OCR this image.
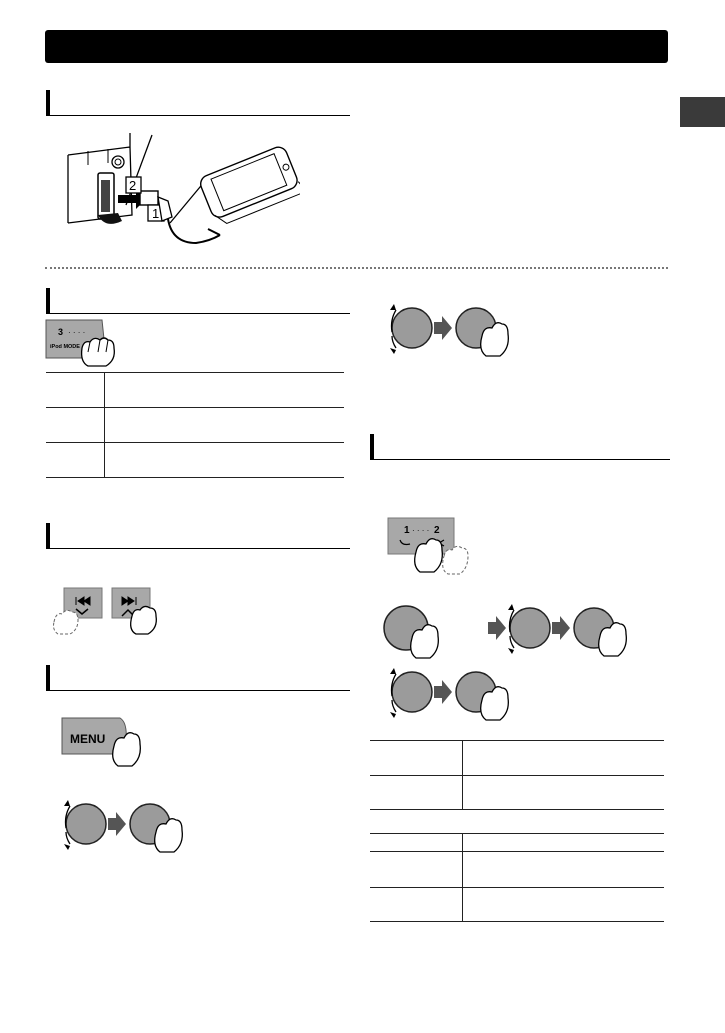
1
2
3 · · · ·
iPod MODE

MENU
1 · · · · 2
